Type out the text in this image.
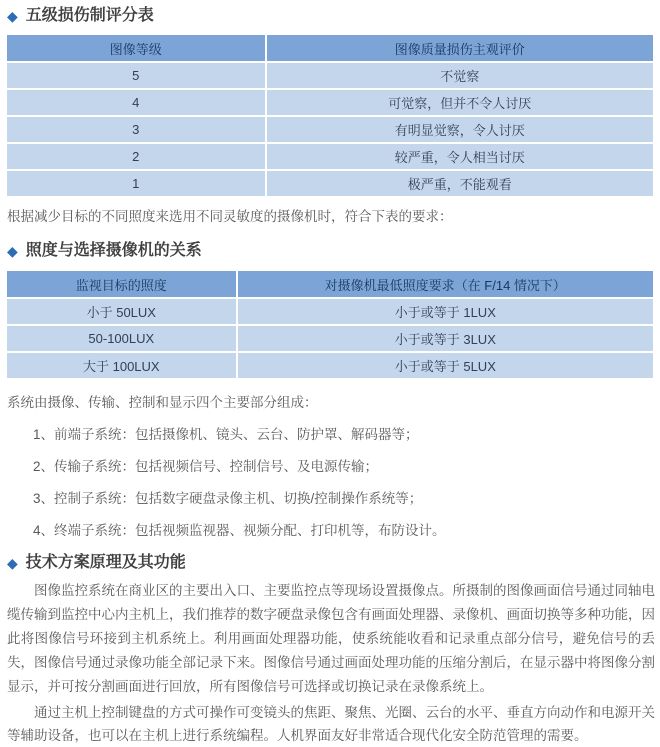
◆ 五级损伤制评分表
图像等级	图像质量损伤主观评价
5	不觉察
4	可觉察，但并不令人讨厌
3	有明显觉察，令人讨厌
2	较严重，令人相当讨厌
1	极严重，不能观看

根据减少目标的不同照度来选用不同灵敏度的摄像机时，符合下表的要求：

◆ 照度与选择摄像机的关系
监视目标的照度	对摄像机最低照度要求（在 F/14 情况下）
小于 50LUX	小于或等于 1LUX
50-100LUX	小于或等于 3LUX
大于 100LUX	小于或等于 5LUX

系统由摄像、传输、控制和显示四个主要部分组成：

1、前端子系统：包括摄像机、镜头、云台、防护罩、解码器等；
2、传输子系统：包括视频信号、控制信号、及电源传输；
3、控制子系统：包括数字硬盘录像主机、切换/控制操作系统等；
4、终端子系统：包括视频监视器、视频分配、打印机等，布防设计。
◆ 技术方案原理及其功能

图像监控系统在商业区的主要出入口、主要监控点等现场设置摄像点。所摄制的图像画面信号通过同轴电缆传输到监控中心内主机上，我们推荐的数字硬盘录像包含有画面处理器、录像机、画面切换等多种功能，因此将图像信号环接到主机系统上。利用画面处理器功能，使系统能收看和记录重点部分信号，避免信号的丢失，图像信号通过录像功能全部记录下来。图像信号通过画面处理功能的压缩分割后，在显示器中将图像分割显示，并可按分割画面进行回放，所有图像信号可选择或切换记录在录像系统上。

通过主机上控制键盘的方式可操作可变镜头的焦距、聚焦、光圈、云台的水平、垂直方向动作和电源开关等辅助设备，也可以在主机上进行系统编程。人机界面友好非常适合现代化安全防范管理的需要。
